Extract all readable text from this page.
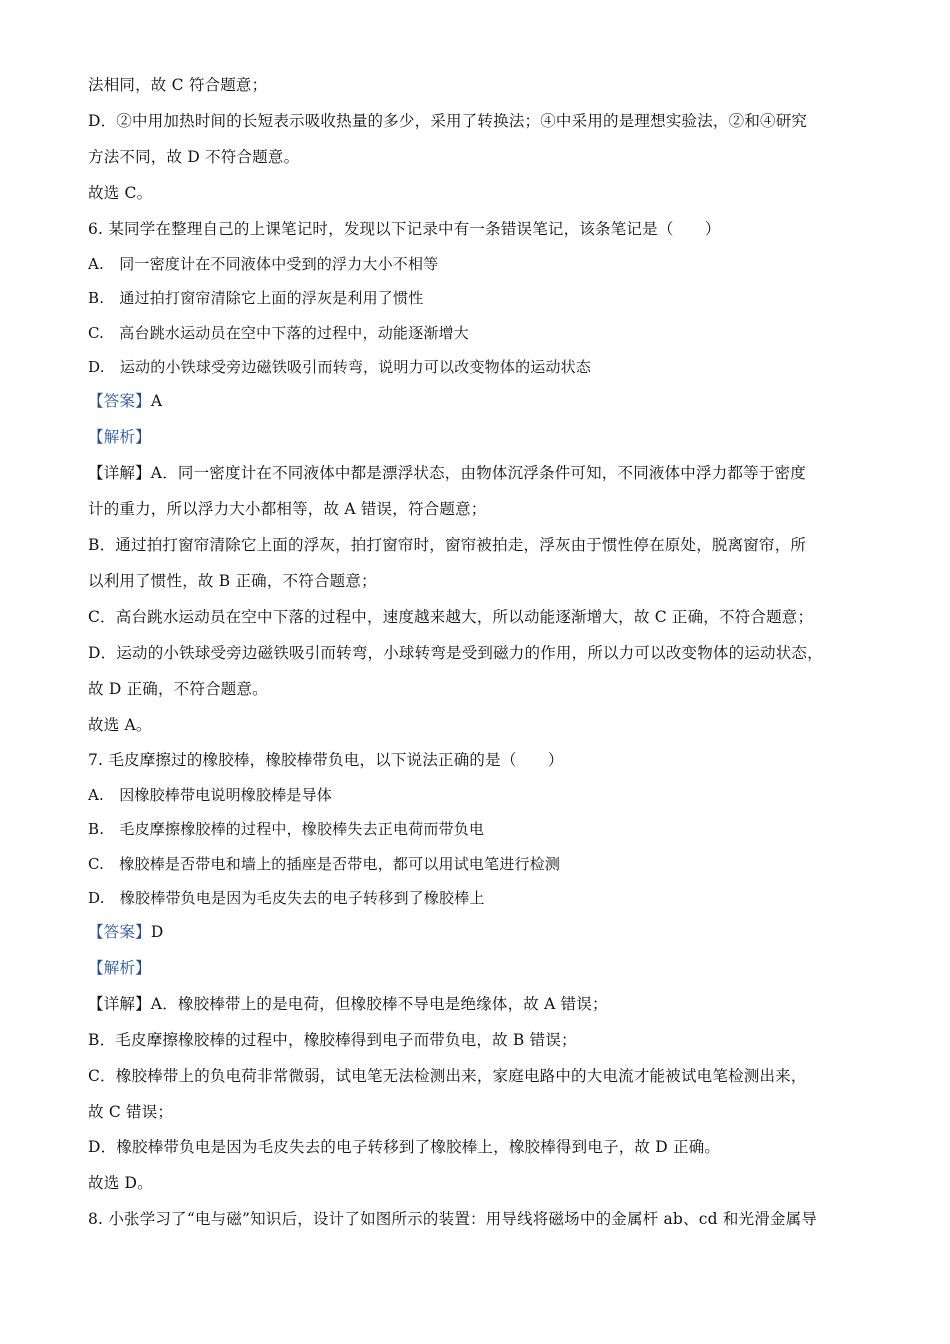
法相同，故 C 符合题意；
D．②中用加热时间的长短表示吸收热量的多少，采用了转换法；④中采用的是理想实验法，②和④研究
方法不同，故 D 不符合题意。
故选 C。
6. 某同学在整理自己的上课笔记时，发现以下记录中有一条错误笔记，该条笔记是（　　）
A.　同一密度计在不同液体中受到的浮力大小不相等
B.　通过拍打窗帘清除它上面的浮灰是利用了惯性
C.　高台跳水运动员在空中下落的过程中，动能逐渐增大
D.　运动的小铁球受旁边磁铁吸引而转弯，说明力可以改变物体的运动状态
【答案】A
【解析】
【详解】A．同一密度计在不同液体中都是漂浮状态，由物体沉浮条件可知，不同液体中浮力都等于密度
计的重力，所以浮力大小都相等，故 A 错误，符合题意；
B．通过拍打窗帘清除它上面的浮灰，拍打窗帘时，窗帘被拍走，浮灰由于惯性停在原处，脱离窗帘，所
以利用了惯性，故 B 正确，不符合题意；
C．高台跳水运动员在空中下落的过程中，速度越来越大，所以动能逐渐增大，故 C 正确，不符合题意；
D．运动的小铁球受旁边磁铁吸引而转弯，小球转弯是受到磁力的作用，所以力可以改变物体的运动状态，
故 D 正确，不符合题意。
故选 A。
7. 毛皮摩擦过的橡胶棒，橡胶棒带负电，以下说法正确的是（　　）
A.　因橡胶棒带电说明橡胶棒是导体
B.　毛皮摩擦橡胶棒的过程中，橡胶棒失去正电荷而带负电
C.　橡胶棒是否带电和墙上的插座是否带电，都可以用试电笔进行检测
D.　橡胶棒带负电是因为毛皮失去的电子转移到了橡胶棒上
【答案】D
【解析】
【详解】A．橡胶棒带上的是电荷，但橡胶棒不导电是绝缘体，故 A 错误；
B．毛皮摩擦橡胶棒的过程中，橡胶棒得到电子而带负电，故 B 错误；
C．橡胶棒带上的负电荷非常微弱，试电笔无法检测出来，家庭电路中的大电流才能被试电笔检测出来，
故 C 错误；
D．橡胶棒带负电是因为毛皮失去的电子转移到了橡胶棒上，橡胶棒得到电子，故 D 正确。
故选 D。
8. 小张学习了“电与磁”知识后，设计了如图所示的装置：用导线将磁场中的金属杆 ab、cd 和光滑金属导
